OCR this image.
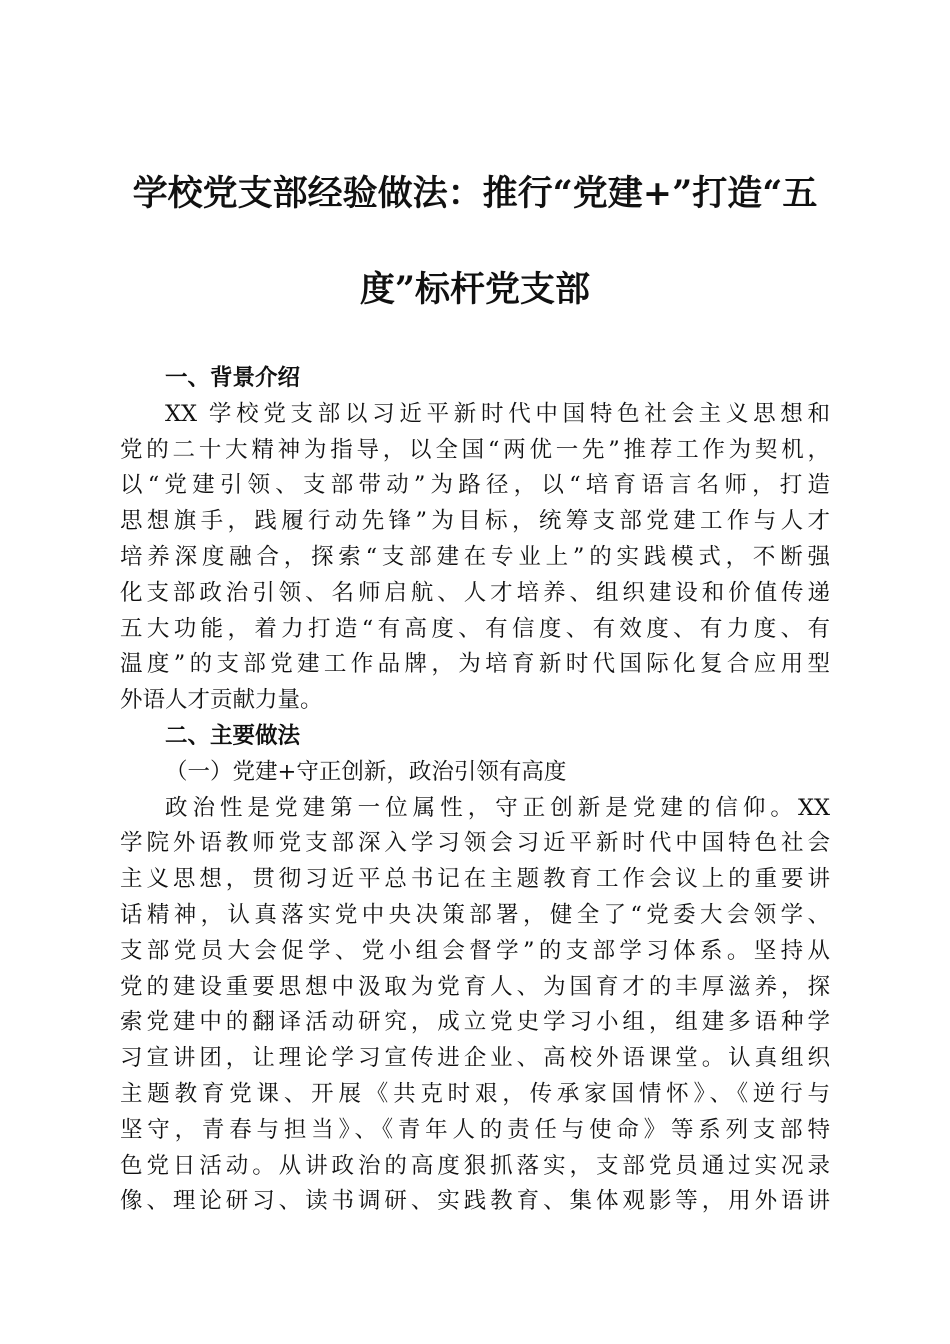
学校党支部经验做法：推行“党建+”打造“五
度”标杆党支部
一、背景介绍
XX 学校党支部以习近平新时代中国特色社会主义思想和
党的二十大精神为指导，以全国“两优一先”推荐工作为契机，
以“党建引领、支部带动”为路径，以“培育语言名师，打造
思想旗手，践履行动先锋”为目标，统筹支部党建工作与人才
培养深度融合，探索“支部建在专业上”的实践模式，不断强
化支部政治引领、名师启航、人才培养、组织建设和价值传递
五大功能，着力打造“有高度、有信度、有效度、有力度、有
温度”的支部党建工作品牌，为培育新时代国际化复合应用型
外语人才贡献力量。
二、主要做法
（一）党建+守正创新，政治引领有高度
政治性是党建第一位属性，守正创新是党建的信仰。XX
学院外语教师党支部深入学习领会习近平新时代中国特色社会
主义思想，贯彻习近平总书记在主题教育工作会议上的重要讲
话精神，认真落实党中央决策部署，健全了“党委大会领学、
支部党员大会促学、党小组会督学”的支部学习体系。坚持从
党的建设重要思想中汲取为党育人、为国育才的丰厚滋养，探
索党建中的翻译活动研究，成立党史学习小组，组建多语种学
习宣讲团，让理论学习宣传进企业、高校外语课堂。认真组织
主题教育党课、开展《共克时艰，传承家国情怀》、《逆行与
坚守，青春与担当》、《青年人的责任与使命》等系列支部特
色党日活动。从讲政治的高度狠抓落实，支部党员通过实况录
像、理论研习、读书调研、实践教育、集体观影等，用外语讲
